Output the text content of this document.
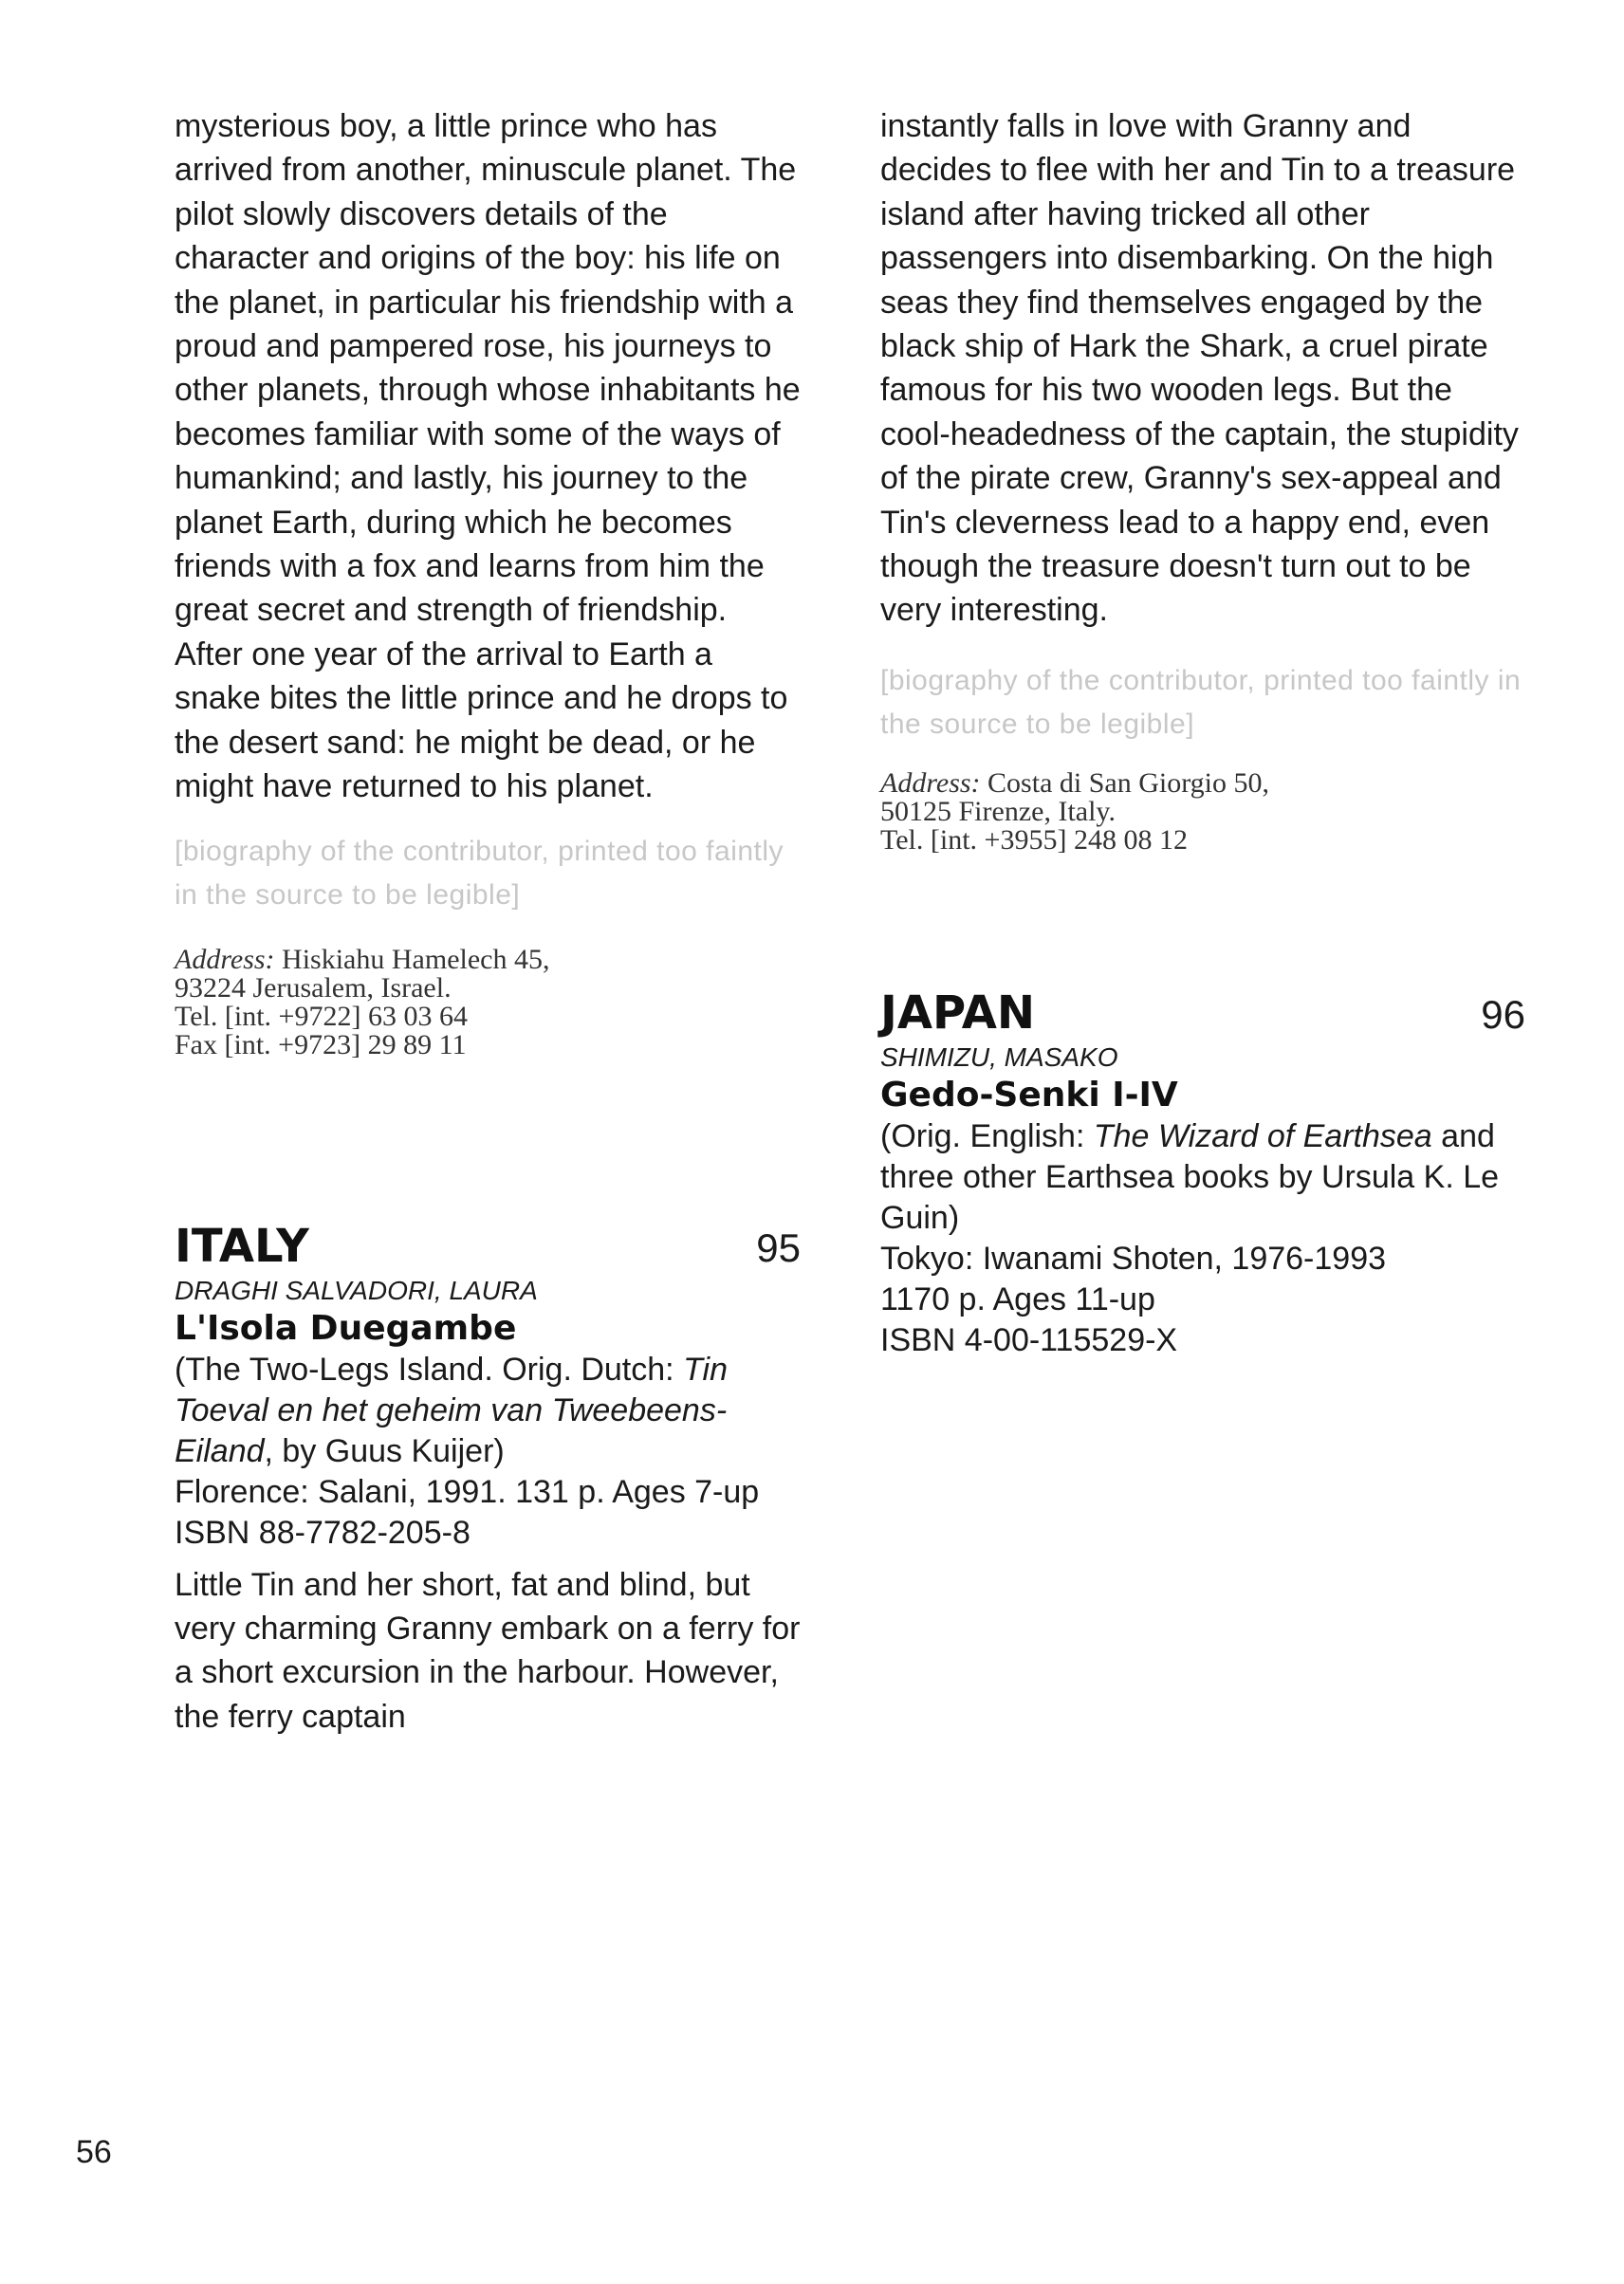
mysterious boy, a little prince who has arrived from another, minuscule planet. The pilot slowly discovers details of the character and origins of the boy: his life on the planet, in particular his friendship with a proud and pampered rose, his journeys to other planets, through whose inhabitants he becomes familiar with some of the ways of humankind; and lastly, his journey to the planet Earth, during which he becomes friends with a fox and learns from him the great secret and strength of friendship. After one year of the arrival to Earth a snake bites the little prince and he drops to the desert sand: he might be dead, or he might have returned to his planet.

[biography of the contributor, printed too faintly in the source to be legible]

Address: Hiskiahu Hamelech 45,
93224 Jerusalem, Israel.
Tel. [int. +9722] 63 03 64
Fax [int. +9723] 29 89 11
ITALY	95
DRAGHI SALVADORI, LAURA
L'Isola Duegambe

(The Two-Legs Island. Orig. Dutch: Tin Toeval en het geheim van Tweebeens-Eiland, by Guus Kuijer)

Florence: Salani, 1991. 131 p. Ages 7-up

ISBN 88-7782-205-8

Little Tin and her short, fat and blind, but very charming Granny embark on a ferry for a short excursion in the harbour. However, the ferry captain

instantly falls in love with Granny and decides to flee with her and Tin to a treasure island after having tricked all other passengers into disembarking. On the high seas they find themselves engaged by the black ship of Hark the Shark, a cruel pirate famous for his two wooden legs. But the cool-headedness of the captain, the stupidity of the pirate crew, Granny's sex-appeal and Tin's cleverness lead to a happy end, even though the treasure doesn't turn out to be very interesting.

[biography of the contributor, printed too faintly in the source to be legible]

Address: Costa di San Giorgio 50,
50125 Firenze, Italy.
Tel. [int. +3955] 248 08 12
JAPAN	96
SHIMIZU, MASAKO
Gedo-Senki I-IV

(Orig. English: The Wizard of Earthsea and three other Earthsea books by Ursula K. Le Guin)

Tokyo: Iwanami Shoten, 1976-1993

1170 p. Ages 11-up

ISBN 4-00-115529-X

56
